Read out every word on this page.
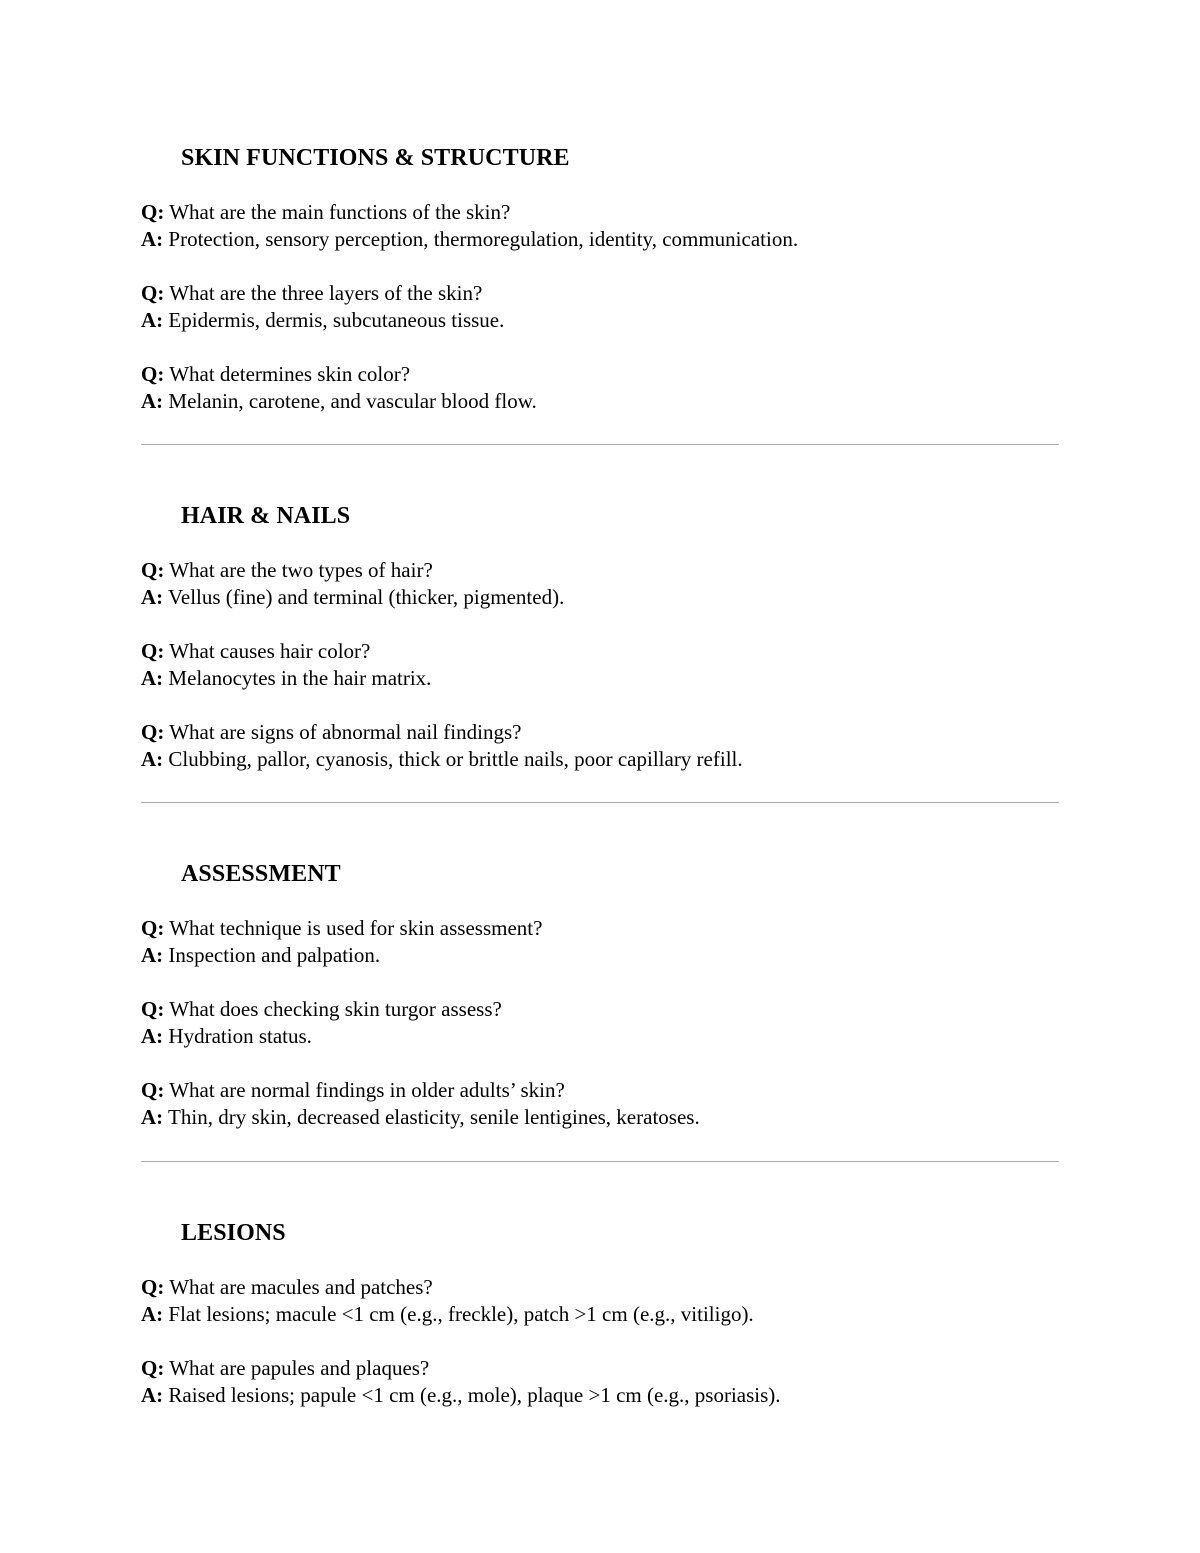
SKIN FUNCTIONS & STRUCTURE
Q: What are the main functions of the skin?
A: Protection, sensory perception, thermoregulation, identity, communication.
Q: What are the three layers of the skin?
A: Epidermis, dermis, subcutaneous tissue.
Q: What determines skin color?
A: Melanin, carotene, and vascular blood flow.
HAIR & NAILS
Q: What are the two types of hair?
A: Vellus (fine) and terminal (thicker, pigmented).
Q: What causes hair color?
A: Melanocytes in the hair matrix.
Q: What are signs of abnormal nail findings?
A: Clubbing, pallor, cyanosis, thick or brittle nails, poor capillary refill.
ASSESSMENT
Q: What technique is used for skin assessment?
A: Inspection and palpation.
Q: What does checking skin turgor assess?
A: Hydration status.
Q: What are normal findings in older adults’ skin?
A: Thin, dry skin, decreased elasticity, senile lentigines, keratoses.
LESIONS
Q: What are macules and patches?
A: Flat lesions; macule <1 cm (e.g., freckle), patch >1 cm (e.g., vitiligo).
Q: What are papules and plaques?
A: Raised lesions; papule <1 cm (e.g., mole), plaque >1 cm (e.g., psoriasis).
